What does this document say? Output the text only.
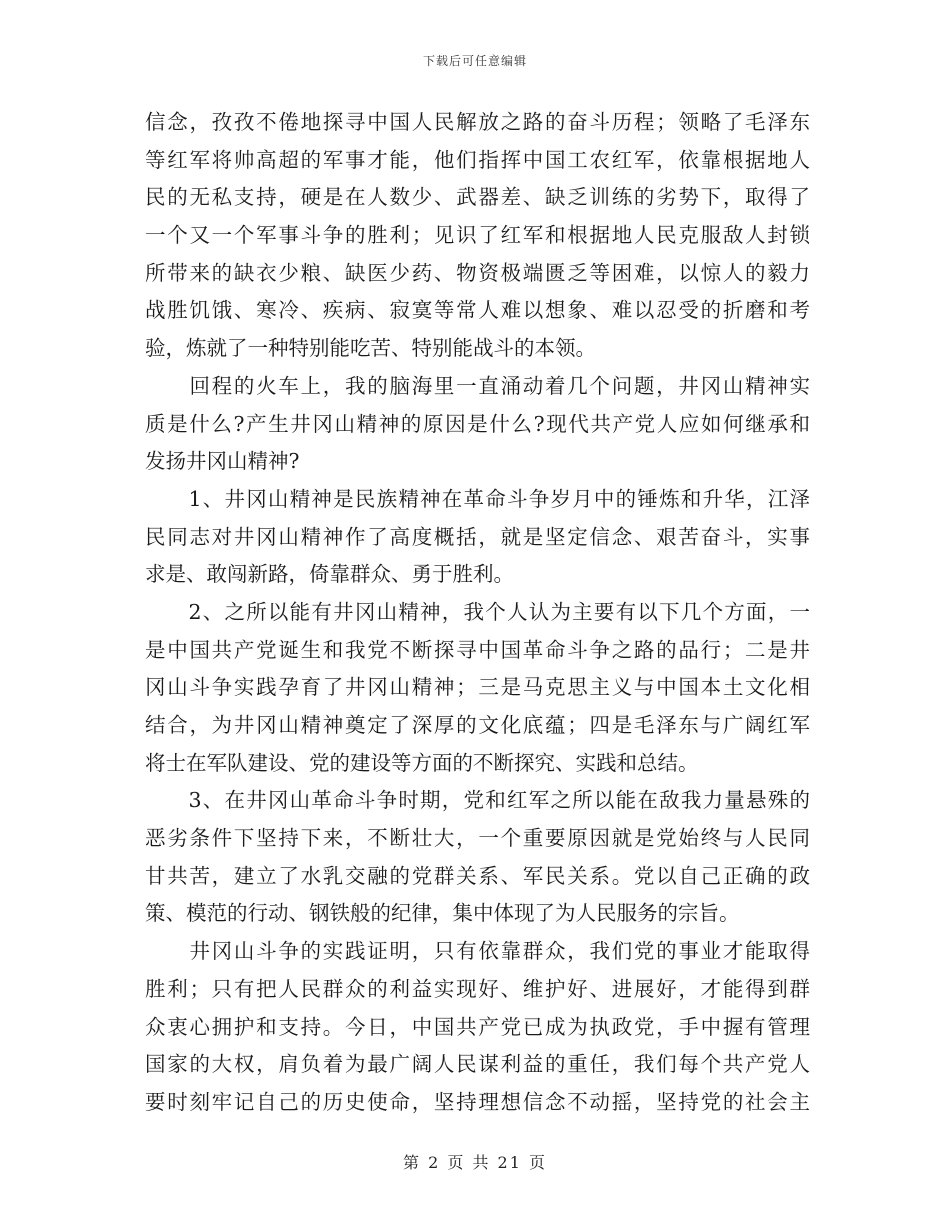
下载后可任意编辑
信念，孜孜不倦地探寻中国人民解放之路的奋斗历程；领略了毛泽东
等红军将帅高超的军事才能，他们指挥中国工农红军，依靠根据地人
民的无私支持，硬是在人数少、武器差、缺乏训练的劣势下，取得了
一个又一个军事斗争的胜利；见识了红军和根据地人民克服敌人封锁
所带来的缺衣少粮、缺医少药、物资极端匮乏等困难，以惊人的毅力
战胜饥饿、寒冷、疾病、寂寞等常人难以想象、难以忍受的折磨和考
验，炼就了一种特别能吃苦、特别能战斗的本领。
　　回程的火车上，我的脑海里一直涌动着几个问题，井冈山精神实
质是什么?产生井冈山精神的原因是什么?现代共产党人应如何继承和
发扬井冈山精神?
　　1、井冈山精神是民族精神在革命斗争岁月中的锤炼和升华，江泽
民同志对井冈山精神作了高度概括，就是坚定信念、艰苦奋斗，实事
求是、敢闯新路，倚靠群众、勇于胜利。
　　2、之所以能有井冈山精神，我个人认为主要有以下几个方面，一
是中国共产党诞生和我党不断探寻中国革命斗争之路的品行；二是井
冈山斗争实践孕育了井冈山精神；三是马克思主义与中国本土文化相
结合，为井冈山精神奠定了深厚的文化底蕴；四是毛泽东与广阔红军
将士在军队建设、党的建设等方面的不断探究、实践和总结。
　　3、在井冈山革命斗争时期，党和红军之所以能在敌我力量悬殊的
恶劣条件下坚持下来，不断壮大，一个重要原因就是党始终与人民同
甘共苦，建立了水乳交融的党群关系、军民关系。党以自己正确的政
策、模范的行动、钢铁般的纪律，集中体现了为人民服务的宗旨。
　　井冈山斗争的实践证明，只有依靠群众，我们党的事业才能取得
胜利；只有把人民群众的利益实现好、维护好、进展好，才能得到群
众衷心拥护和支持。今日，中国共产党已成为执政党，手中握有管理
国家的大权，肩负着为最广阔人民谋利益的重任，我们每个共产党人
要时刻牢记自己的历史使命，坚持理想信念不动摇，坚持党的社会主
第 2 页 共 21 页
